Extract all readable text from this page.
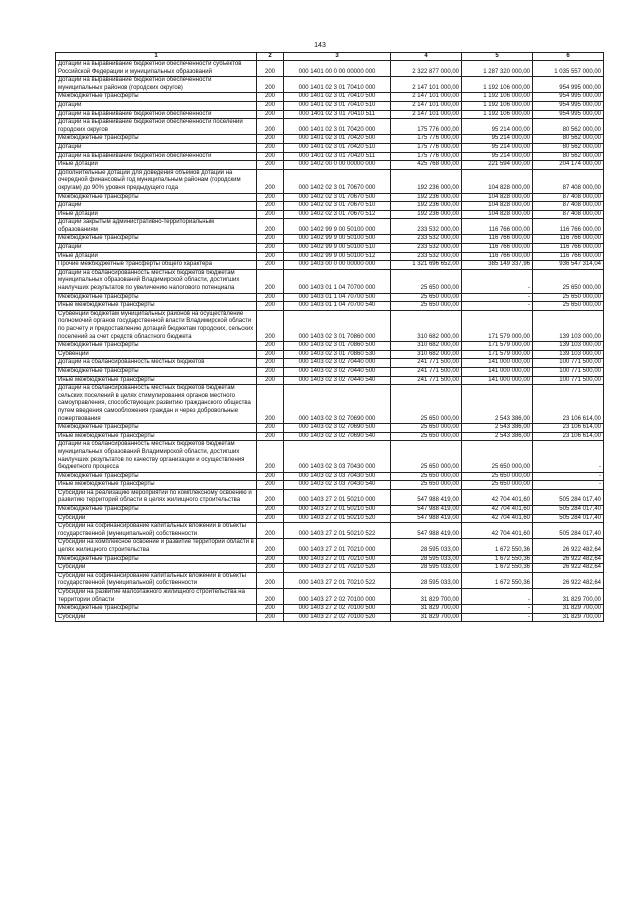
143
1	2	3	4	5	6
Дотации на выравнивание бюджетной обеспеченности субъектов Российской Федерации и муниципальных образований	200	000 1401 00 0 00 00000 000	2 322 877 000,00	1 287 320 000,00	1 035 557 000,00
Дотации на выравнивание бюджетной обеспеченности муниципальных районов (городских округов)	200	000 1401 02 3 01 70410 000	2 147 101 000,00	1 192 106 000,00	954 995 000,00
Межбюджетные трансферты	200	000 1401 02 3 01 70410 500	2 147 101 000,00	1 192 106 000,00	954 995 000,00
Дотации	200	000 1401 02 3 01 70410 510	2 147 101 000,00	1 192 106 000,00	954 995 000,00
Дотации на выравнивание бюджетной обеспеченности	200	000 1401 02 3 01 70410 511	2 147 101 000,00	1 192 106 000,00	954 995 000,00
Дотации на выравнивание бюджетной обеспеченности поселений городских округов	200	000 1401 02 3 01 70420 000	175 776 000,00	95 214 000,00	80 562 000,00
Межбюджетные трансферты	200	000 1401 02 3 01 70420 500	175 776 000,00	95 214 000,00	80 562 000,00
Дотации	200	000 1401 02 3 01 70420 510	175 776 000,00	95 214 000,00	80 562 000,00
Дотации на выравнивание бюджетной обеспеченности	200	000 1401 02 3 01 70420 511	175 776 000,00	95 214 000,00	80 562 000,00
Иные дотации	200	000 1402 00 0 00 00000 000	425 768 000,00	221 594 000,00	204 174 000,00
Дополнительные дотации для доведения объемов дотаций на очередной финансовый год муниципальным районам (городским округам) до 90% уровня предыдущего года	200	000 1402 02 3 01 70670 000	192 236 000,00	104 828 000,00	87 408 000,00
Межбюджетные трансферты	200	000 1402 02 3 01 70670 500	192 236 000,00	104 828 000,00	87 408 000,00
Дотации	200	000 1402 02 3 01 70670 510	192 236 000,00	104 828 000,00	87 408 000,00
Иные дотации	200	000 1402 02 3 01 70670 512	192 236 000,00	104 828 000,00	87 408 000,00
Дотации закрытым административно-территориальным образованиям	200	000 1402 99 9 00 50100 000	233 532 000,00	116 766 000,00	116 766 000,00
Межбюджетные трансферты	200	000 1402 99 9 00 50100 500	233 532 000,00	116 766 000,00	116 766 000,00
Дотации	200	000 1402 99 9 00 50100 510	233 532 000,00	116 766 000,00	116 766 000,00
Иные дотации	200	000 1402 99 9 00 50100 512	233 532 000,00	116 766 000,00	116 766 000,00
Прочие межбюджетные трансферты общего характера	200	000 1403 00 0 00 00000 000	1 321 696 652,00	385 149 337,96	936 547 314,04
Дотации на сбалансированность местных бюджетов бюджетам муниципальных образований Владимирской области, достигших наилучших результатов по увеличению налогового потенциала	200	000 1403 01 1 04 70700 000	25 650 000,00	-	25 650 000,00
Межбюджетные трансферты	200	000 1403 01 1 04 70700 500	25 650 000,00	-	25 650 000,00
Иные межбюджетные трансферты	200	000 1403 01 1 04 70700 540	25 650 000,00	-	25 650 000,00
Субвенции бюджетам муниципальных районов на осуществление полномочий органов государственной власти Владимирской области по расчету и предоставлению дотаций бюджетам городских, сельских поселений за счет средств областного бюджета	200	000 1403 02 3 01 70860 000	310 682 000,00	171 579 000,00	139 103 000,00
Межбюджетные трансферты	200	000 1403 02 3 01 70860 500	310 682 000,00	171 579 000,00	139 103 000,00
Субвенции	200	000 1403 02 3 01 70860 530	310 682 000,00	171 579 000,00	139 103 000,00
Дотации на сбалансированность местных бюджетов	200	000 1403 02 3 02 70440 000	241 771 500,00	141 000 000,00	100 771 500,00
Межбюджетные трансферты	200	000 1403 02 3 02 70440 500	241 771 500,00	141 000 000,00	100 771 500,00
Иные межбюджетные трансферты	200	000 1403 02 3 02 70440 540	241 771 500,00	141 000 000,00	100 771 500,00
Дотации на сбалансированность местных бюджетов бюджетам сельских поселений в целях стимулирования органов местного самоуправления, способствующих развитию гражданского общества путем введения самообложения граждан и через добровольные пожертвования	200	000 1403 02 3 02 70690 000	25 650 000,00	2 543 386,00	23 106 614,00
Межбюджетные трансферты	200	000 1403 02 3 02 70690 500	25 650 000,00	2 543 386,00	23 106 614,00
Иные межбюджетные трансферты	200	000 1403 02 3 02 70690 540	25 650 000,00	2 543 386,00	23 106 614,00
Дотации на сбалансированность местных бюджетов бюджетам муниципальных образований Владимирской области, достигших наилучших результатов по качеству организации и осуществления бюджетного процесса	200	000 1403 02 3 03 70430 000	25 650 000,00	25 650 000,00	-
Межбюджетные трансферты	200	000 1403 02 3 03 70430 500	25 650 000,00	25 650 000,00	-
Иные межбюджетные трансферты	200	000 1403 02 3 03 70430 540	25 650 000,00	25 650 000,00	-
Субсидии на реализацию мероприятий по комплексному освоению и развитию территорий области в целях жилищного строительства	200	000 1403 27 2 01 50210 000	547 988 419,00	42 704 401,60	505 284 017,40
Межбюджетные трансферты	200	000 1403 27 2 01 50210 500	547 988 419,00	42 704 401,60	505 284 017,40
Субсидии	200	000 1403 27 2 01 50210 520	547 988 419,00	42 704 401,60	505 284 017,40
Субсидии на софинансирование капитальных вложений в объекты государственной (муниципальной) собственности	200	000 1403 27 2 01 50210 522	547 988 419,00	42 704 401,60	505 284 017,40
Субсидии на комплексное освоение и развитие территорий области в целях жилищного строительства	200	000 1403 27 2 01 70210 000	28 595 033,00	1 672 550,36	26 922 482,64
Межбюджетные трансферты	200	000 1403 27 2 01 70210 500	28 595 033,00	1 672 550,36	26 922 482,64
Субсидии	200	000 1403 27 2 01 70210 520	28 595 033,00	1 672 550,36	26 922 482,64
Субсидии на софинансирование капитальных вложений в объекты государственной (муниципальной) собственности	200	000 1403 27 2 01 70210 522	28 595 033,00	1 672 550,36	26 922 482,64
Субсидии на развитие малоэтажного жилищного строительства на территории области	200	000 1403 27 2 02 70100 000	31 829 700,00	-	31 829 700,00
Межбюджетные трансферты	200	000 1403 27 2 02 70100 500	31 829 700,00	-	31 829 700,00
Субсидии	200	000 1403 27 2 02 70100 520	31 829 700,00	-	31 829 700,00
